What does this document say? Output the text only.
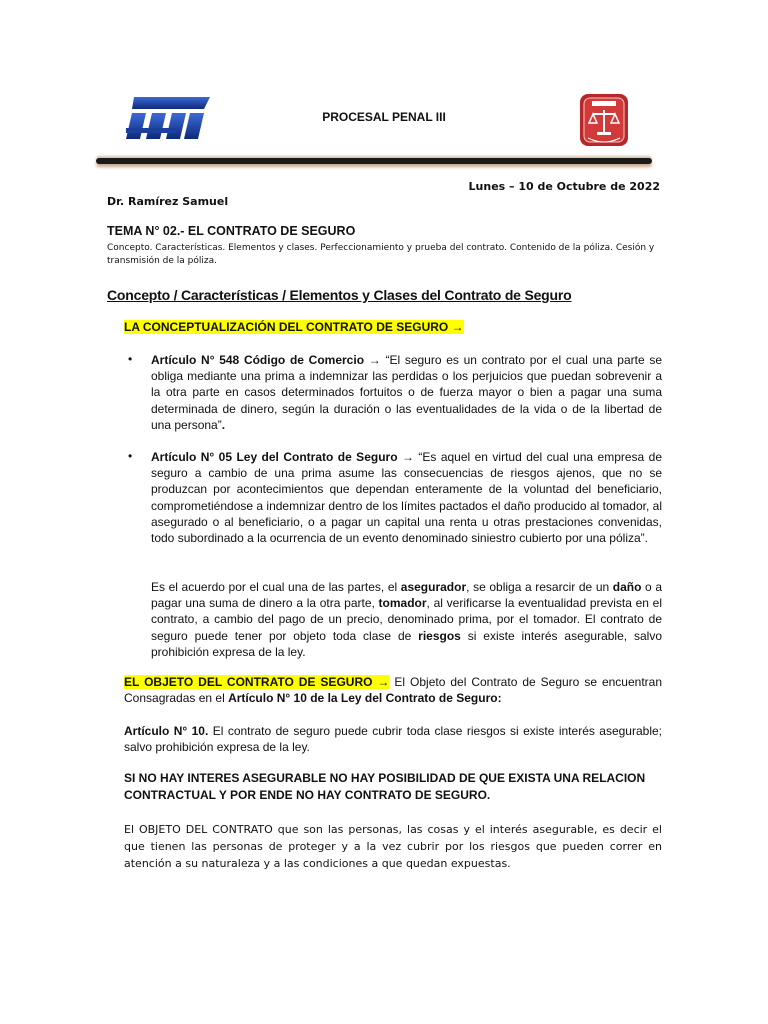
PROCESAL PENAL III
Lunes – 10 de Octubre de 2022
Dr. Ramírez Samuel
TEMA N° 02.- EL CONTRATO DE SEGURO
Concepto. Características. Elementos y clases. Perfeccionamiento y prueba del contrato. Contenido de la póliza. Cesión y transmisión de la póliza.
Concepto / Características / Elementos y Clases del Contrato de Seguro
LA CONCEPTUALIZACIÓN DEL CONTRATO DE SEGURO →
• Artículo N° 548 Código de Comercio → “El seguro es un contrato por el cual una parte se obliga mediante una prima a indemnizar las perdidas o los perjuicios que puedan sobrevenir a la otra parte en casos determinados fortuitos o de fuerza mayor o bien a pagar una suma determinada de dinero, según la duración o las eventualidades de la vida o de la libertad de una persona”.
• Artículo N° 05 Ley del Contrato de Seguro → “Es aquel en virtud del cual una empresa de seguro a cambio de una prima asume las consecuencias de riesgos ajenos, que no se produzcan por acontecimientos que dependan enteramente de la voluntad del beneficiario, comprometiéndose a indemnizar dentro de los límites pactados el daño producido al tomador, al asegurado o al beneficiario, o a pagar un capital una renta u otras prestaciones convenidas, todo subordinado a la ocurrencia de un evento denominado siniestro cubierto por una póliza”.
Es el acuerdo por el cual una de las partes, el asegurador, se obliga a resarcir de un daño o a pagar una suma de dinero a la otra parte, tomador, al verificarse la eventualidad prevista en el contrato, a cambio del pago de un precio, denominado prima, por el tomador. El contrato de seguro puede tener por objeto toda clase de riesgos si existe interés asegurable, salvo prohibición expresa de la ley.
EL OBJETO DEL CONTRATO DE SEGURO → El Objeto del Contrato de Seguro se encuentran Consagradas en el Artículo N° 10 de la Ley del Contrato de Seguro:
Artículo N° 10. El contrato de seguro puede cubrir toda clase riesgos si existe interés asegurable; salvo prohibición expresa de la ley.
SI NO HAY INTERES ASEGURABLE NO HAY POSIBILIDAD DE QUE EXISTA UNA RELACION CONTRACTUAL Y POR ENDE NO HAY CONTRATO DE SEGURO.
El OBJETO DEL CONTRATO que son las personas, las cosas y el interés asegurable, es decir el que tienen las personas de proteger y a la vez cubrir por los riesgos que pueden correr en atención a su naturaleza y a las condiciones a que quedan expuestas.
